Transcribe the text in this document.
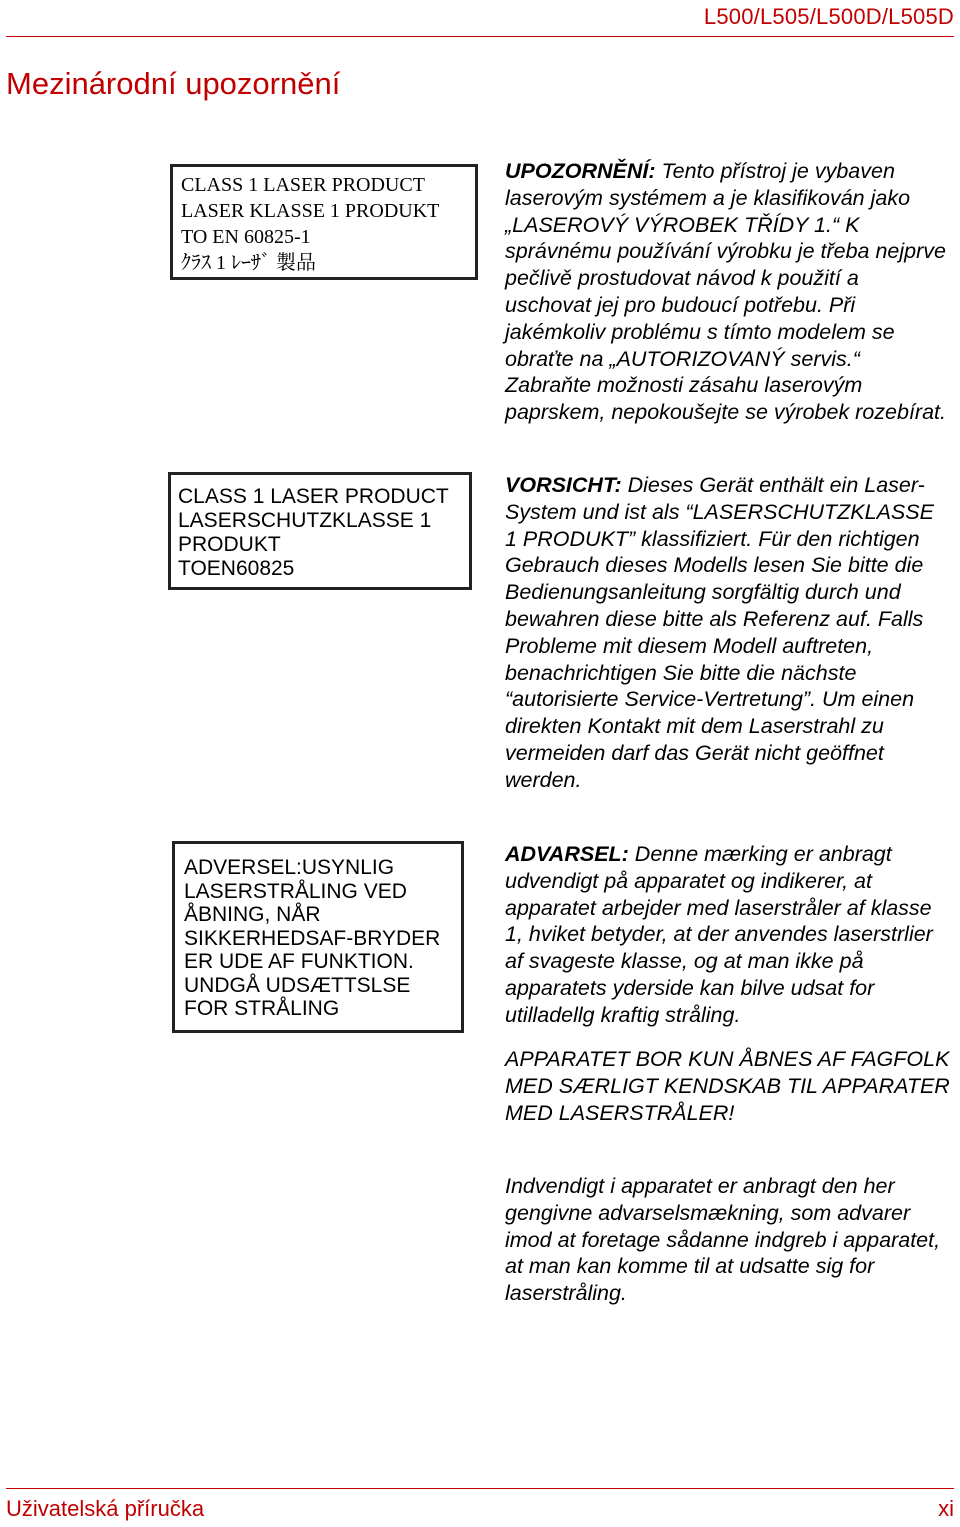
L500/L505/L500D/L505D
Mezinárodní upozornění
CLASS 1 LASER PRODUCT
LASER KLASSE 1 PRODUKT
TO EN 60825-1
ｸﾗｽ 1 ﾚｰｻﾞ 製品

UPOZORNĚNÍ: Tento přístroj je vybaven laserovým systémem a je klasifikován jako „LASEROVÝ VÝROBEK TŘÍDY 1.“ K správnému používání výrobku je třeba nejprve pečlivě prostudovat návod k použití a uschovat jej pro budoucí potřebu. Při jakémkoliv problému s tímto modelem se obraťte na „AUTORIZOVANÝ servis.“ Zabraňte možnosti zásahu laserovým paprskem, nepokoušejte se výrobek rozebírat.

CLASS 1 LASER PRODUCT
LASERSCHUTZKLASSE 1
PRODUKT
TOEN60825

VORSICHT: Dieses Gerät enthält ein Laser-System und ist als “LASERSCHUTZKLASSE 1 PRODUKT” klassifiziert. Für den richtigen Gebrauch dieses Modells lesen Sie bitte die Bedienungsanleitung sorgfältig durch und bewahren diese bitte als Referenz auf. Falls Probleme mit diesem Modell auftreten, benachrichtigen Sie bitte die nächste “autorisierte Service-Vertretung”. Um einen direkten Kontakt mit dem Laserstrahl zu vermeiden darf das Gerät nicht geöffnet werden.

ADVERSEL:USYNLIG
LASERSTRÅLING VED
ÅBNING, NÅR
SIKKERHEDSAF-BRYDER
ER UDE AF FUNKTION.
UNDGÅ UDSÆTTSLSE
FOR STRÅLING

ADVARSEL: Denne mærking er anbragt udvendigt på apparatet og indikerer, at apparatet arbejder med laserstråler af klasse 1, hviket betyder, at der anvendes laserstrlier af svageste klasse, og at man ikke på apparatets yderside kan bilve udsat for utilladellg kraftig stråling.

APPARATET BOR KUN ÅBNES AF FAGFOLK MED SÆRLIGT KENDSKAB TIL APPARATER MED LASERSTRÅLER!

Indvendigt i apparatet er anbragt den her gengivne advarselsmækning, som advarer imod at foretage sådanne indgreb i apparatet, at man kan komme til at udsatte sig for laserstråling.

Uživatelská příručka	xi
